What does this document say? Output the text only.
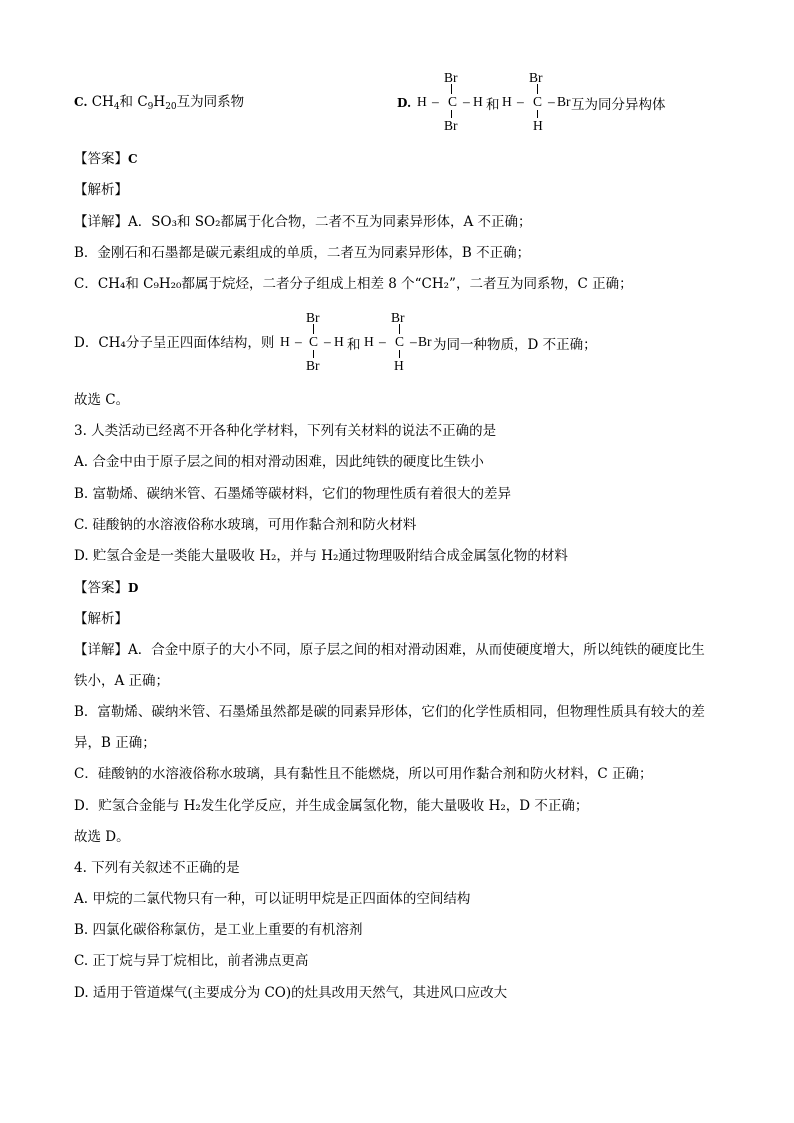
C. $CH_4$和 $C_9H_{20}$互为同系物	D.
Br
H – C – H
Br
和
Br
H – C – Br
H
互为同分异构体
【答案】C
【解析】
【详解】A．SO₃和 SO₂都属于化合物，二者不互为同素异形体，A 不正确；
B．金刚石和石墨都是碳元素组成的单质，二者互为同素异形体，B 不正确；
C．CH₄和 C₉H₂₀都属于烷烃，二者分子组成上相差 8 个“CH₂”，二者互为同系物，C 正确；
D．CH₄分子呈正四面体结构，则
Br
H – C – H
Br
和
Br
H – C – Br
H
为同一种物质，D 不正确；
故选 C。
3. 人类活动已经离不开各种化学材料，下列有关材料的说法不正确的是
A. 合金中由于原子层之间的相对滑动困难，因此纯铁的硬度比生铁小
B. 富勒烯、碳纳米管、石墨烯等碳材料，它们的物理性质有着很大的差异
C. 硅酸钠的水溶液俗称水玻璃，可用作黏合剂和防火材料
D. 贮氢合金是一类能大量吸收 H₂，并与 H₂通过物理吸附结合成金属氢化物的材料
【答案】D
【解析】
【详解】A．合金中原子的大小不同，原子层之间的相对滑动困难，从而使硬度增大，所以纯铁的硬度比生
铁小，A 正确；
B．富勒烯、碳纳米管、石墨烯虽然都是碳的同素异形体，它们的化学性质相同，但物理性质具有较大的差
异，B 正确；
C．硅酸钠的水溶液俗称水玻璃，具有黏性且不能燃烧，所以可用作黏合剂和防火材料，C 正确；
D．贮氢合金能与 H₂发生化学反应，并生成金属氢化物，能大量吸收 H₂，D 不正确；
故选 D。
4. 下列有关叙述不正确的是
A. 甲烷的二氯代物只有一种，可以证明甲烷是正四面体的空间结构
B. 四氯化碳俗称氯仿，是工业上重要的有机溶剂
C. 正丁烷与异丁烷相比，前者沸点更高
D. 适用于管道煤气(主要成分为 CO)的灶具改用天然气，其进风口应改大
